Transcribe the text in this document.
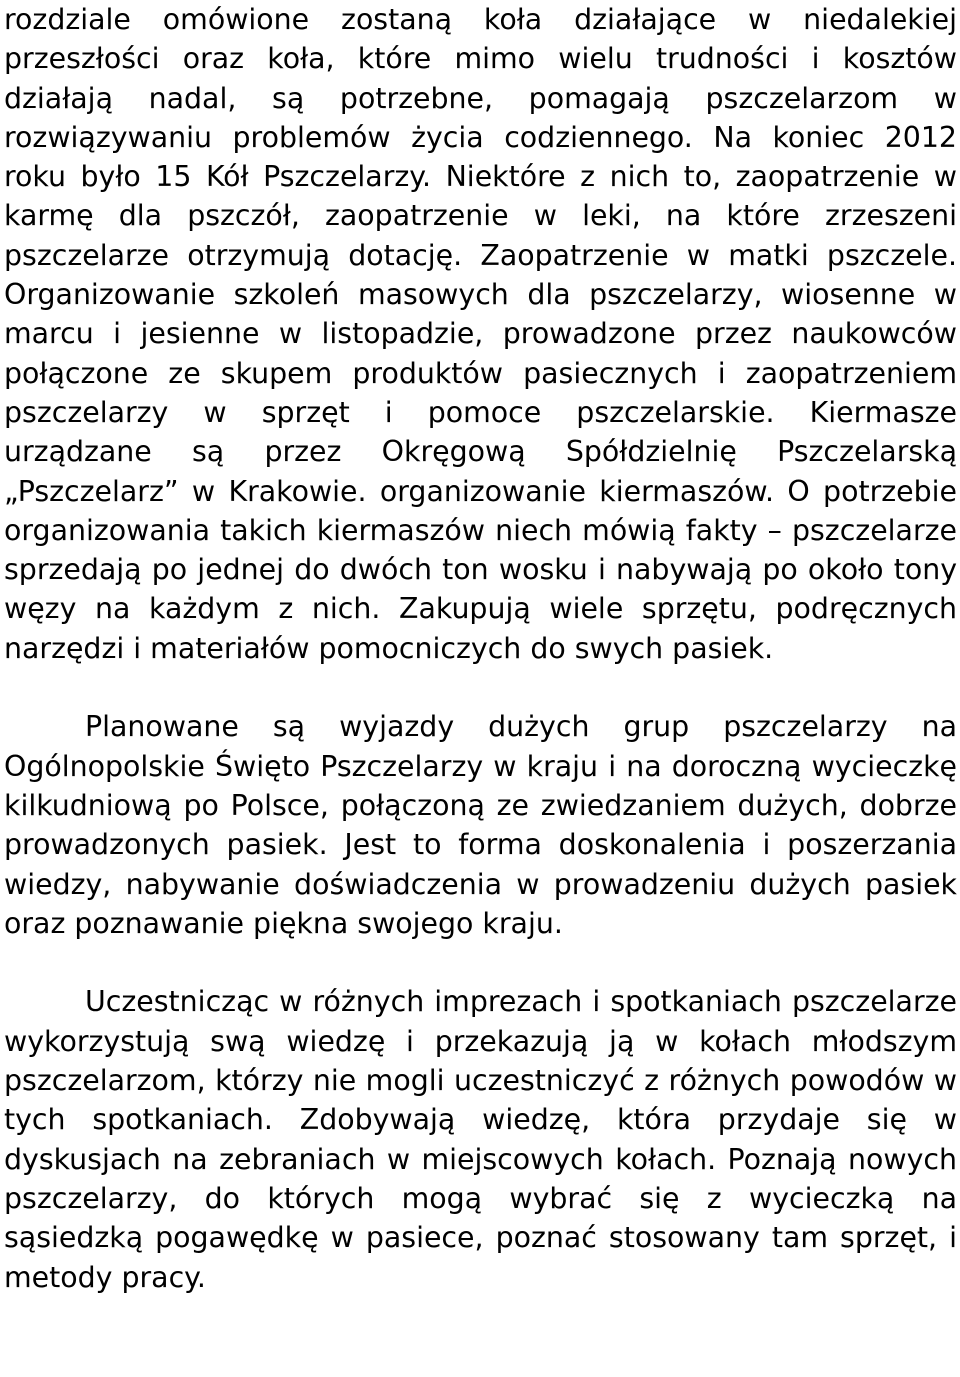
rozdziale omówione zostaną koła działające w niedalekiej przeszłości oraz koła, które mimo wielu trudności i kosztów działają nadal, są potrzebne, pomagają pszczelarzom w rozwiązywaniu problemów życia codziennego. Na koniec 2012 roku było 15 Kół Pszczelarzy. Niektóre z nich to, zaopatrzenie w karmę dla pszczół, zaopatrzenie w leki, na które zrzeszeni pszczelarze otrzymują dotację. Zaopatrzenie w matki pszczele. Organizowanie szkoleń masowych dla pszczelarzy, wiosenne w marcu i jesienne w listopadzie, prowadzone przez naukowców połączone ze skupem produktów pasiecznych i zaopatrzeniem pszczelarzy w sprzęt i pomoce pszczelarskie. Kiermasze urządzane są przez Okręgową Spółdzielnię Pszczelarską „Pszczelarz” w Krakowie. organizowanie kiermaszów. O potrzebie organizowania takich kiermaszów niech mówią fakty – pszczelarze sprzedają po jednej do dwóch ton wosku i nabywają po około tony węzy na każdym z nich. Zakupują wiele sprzętu, podręcznych narzędzi i materiałów pomocniczych do swych pasiek.

Planowane są wyjazdy dużych grup pszczelarzy na Ogólnopolskie Święto Pszczelarzy w kraju i na doroczną wycieczkę kilkudniową po Polsce, połączoną ze zwiedzaniem dużych, dobrze prowadzonych pasiek. Jest to forma doskonalenia i poszerzania wiedzy, nabywanie doświadczenia w prowadzeniu dużych pasiek oraz poznawanie piękna swojego kraju.

Uczestnicząc w różnych imprezach i spotkaniach pszczelarze wykorzystują swą wiedzę i przekazują ją w kołach młodszym pszczelarzom, którzy nie mogli uczestniczyć z różnych powodów w tych spotkaniach. Zdobywają wiedzę, która przydaje się w dyskusjach na zebraniach w miejscowych kołach. Poznają nowych pszczelarzy, do których mogą wybrać się z wycieczką na sąsiedzką pogawędkę w pasiece, poznać stosowany tam sprzęt, i metody pracy.
